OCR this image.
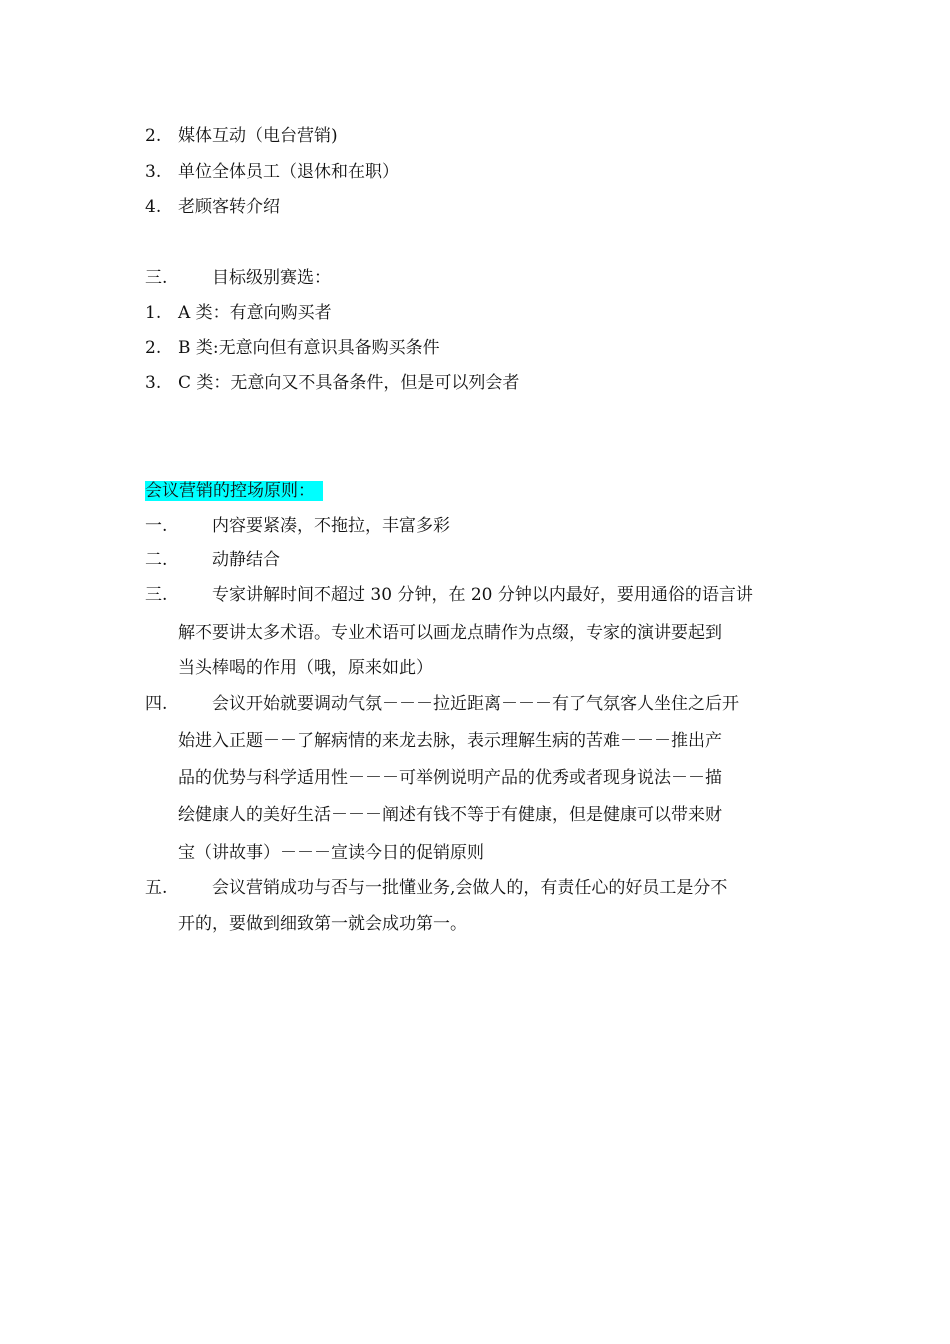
2. 媒体互动（电台营销)
3. 单位全体员工（退休和在职）
4. 老顾客转介绍
三.	目标级别赛选：
1. A 类：有意向购买者
2. B 类:无意向但有意识具备购买条件
3. C 类：无意向又不具备条件，但是可以列会者
会议营销的控场原则：
一.	内容要紧凑，不拖拉，丰富多彩
二.	动静结合
三.	专家讲解时间不超过 30 分钟，在 20 分钟以内最好，要用通俗的语言讲
解不要讲太多术语。专业术语可以画龙点睛作为点缀，专家的演讲要起到
当头棒喝的作用（哦，原来如此）
四.	会议开始就要调动气氛－－－拉近距离－－－有了气氛客人坐住之后开
始进入正题－－了解病情的来龙去脉，表示理解生病的苦难－－－推出产
品的优势与科学适用性－－－可举例说明产品的优秀或者现身说法－－描
绘健康人的美好生活－－－阐述有钱不等于有健康，但是健康可以带来财
宝（讲故事）－－－宣读今日的促销原则
五.	会议营销成功与否与一批懂业务,会做人的，有责任心的好员工是分不
开的，要做到细致第一就会成功第一。
